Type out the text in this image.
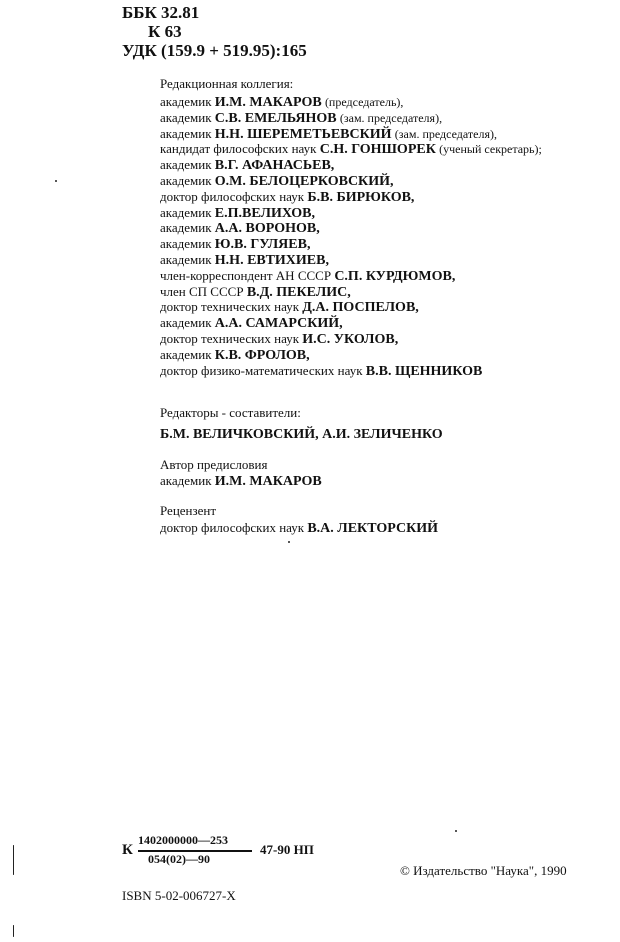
ББК 32.81
К 63
УДК (159.9 + 519.95):165
Редакционная коллегия:
академик И.М. МАКАРОВ (председатель),
академик С.В. ЕМЕЛЬЯНОВ (зам. председателя),
академик Н.Н. ШЕРЕМЕТЬЕВСКИЙ (зам. председателя),
кандидат философских наук С.Н. ГОНШОРЕК (ученый секретарь);
академик В.Г. АФАНАСЬЕВ,
академик О.М. БЕЛОЦЕРКОВСКИЙ,
доктор философских наук Б.В. БИРЮКОВ,
академик Е.П.ВЕЛИХОВ,
академик А.А. ВОРОНОВ,
академик Ю.В. ГУЛЯЕВ,
академик Н.Н. ЕВТИХИЕВ,
член-корреспондент АН СССР С.П. КУРДЮМОВ,
член СП СССР В.Д. ПЕКЕЛИС,
доктор технических наук Д.А. ПОСПЕЛОВ,
академик А.А. САМАРСКИЙ,
доктор технических наук И.С. УКОЛОВ,
академик К.В. ФРОЛОВ,
доктор физико-математических наук В.В. ЩЕННИКОВ
Редакторы - составители:
Б.М. ВЕЛИЧКОВСКИЙ, А.И. ЗЕЛИЧЕНКО
Автор предисловия
академик И.М. МАКАРОВ
Рецензент
доктор философских наук В.А. ЛЕКТОРСКИЙ
К
1402000000—253
054(02)—90
47-90 НП
© Издательство "Наука", 1990
ISBN 5-02-006727-X
